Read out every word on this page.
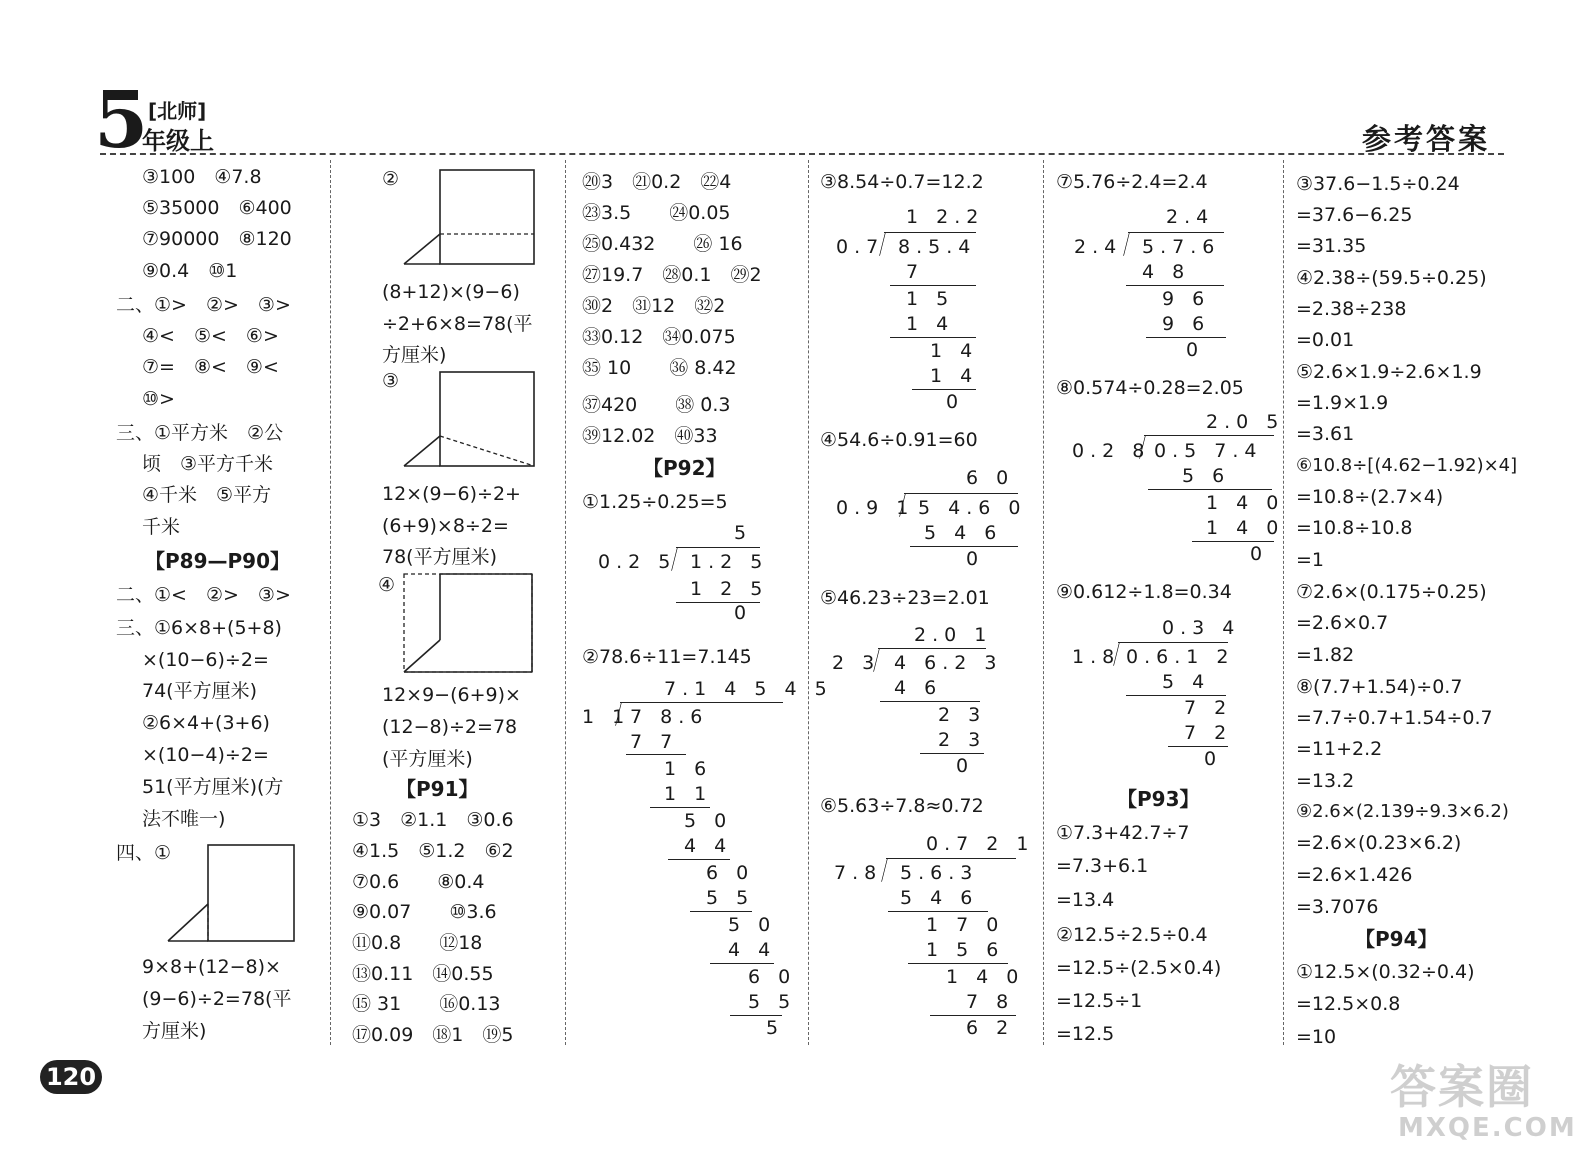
5 [北师]
年级上	参考答案
③100　④7.8
⑤35000　⑥400
⑦90000　⑧120
⑨0.4　⑩1
二、①>　②>　③>
④<　⑤<　⑥>
⑦=　⑧<　⑨<
⑩>
三、①平方米　②公
顷　③平方千米
④千米　⑤平方
千米
【P89—P90】
二、①<　②>　③>
三、①6×8+(5+8)
×(10−6)÷2=
74(平方厘米)
②6×4+(3+6)
×(10−4)÷2=
51(平方厘米)(方
法不唯一)
四、①
9×8+(12−8)×
(9−6)÷2=78(平
方厘米)
②
(8+12)×(9−6)
÷2+6×8=78(平
方厘米)
③
12×(9−6)÷2+
(6+9)×8÷2=
78(平方厘米)
④
12×9−(6+9)×
(12−8)÷2=78
(平方厘米)
【P91】
①3　②1.1　③0.6
④1.5　⑤1.2　⑥2
⑦0.6　　⑧0.4
⑨0.07　　⑩3.6
⑪0.8　　⑫18
⑬0.11　⑭0.55
⑮ 31　　⑯0.13
⑰0.09　⑱1　⑲5
⑳3　㉑0.2　㉒4
㉓3.5　　㉔0.05
㉕0.432　　㉖ 16
㉗19.7　㉘0.1　㉙2
㉚2　㉛12　㉜2
㉝0.12　㉞0.075
㉟ 10　　㊱ 8.42
㊲420　　㊳ 0̇.3
㊴12.02　㊵33
【P92】
①1.25÷0.25=5
5
0.2 5 1.2 5
1 2 5
0
②78.6÷11=7.14̇5̇
7.1 4 5 4 5
1 1 7 8.6
7 7
1 6
1 1
5 0
4 4
6 0
5 5
5 0
4 4
6 0
5 5
5
③8.54÷0.7=12.2
1 2.2
0.7 8.5.4
7
1 5
1 4
1 4
1 4
0
④54.6÷0.91=60
6 0
0.9 1 5 4.6 0
5 4 6
0
⑤46.23÷23=2.01
2.0 1
2 3 4 6.2 3
4 6
2 3
2 3
0
⑥5.63÷7.8≈0.72
0.7 2 1
7.8 5.6.3
5 4 6
1 7 0
1 5 6
1 4 0
7 8
6 2
⑦5.76÷2.4=2.4
2.4
2.4 5.7.6
4 8
9 6
9 6
0
⑧0.574÷0.28=2.05
2.0 5
0.2 8 0.5 7.4
5 6
1 4 0
1 4 0
0
⑨0.612÷1.8=0.34
0.3 4
1.8 0.6.1 2
5 4
7 2
7 2
0
【P93】
①7.3+42.7÷7
=7.3+6.1
=13.4
②12.5÷2.5÷0.4
=12.5÷(2.5×0.4)
=12.5÷1
=12.5
③37.6−1.5÷0.24
=37.6−6.25
=31.35
④2.38÷(59.5÷0.25)
=2.38÷238
=0.01
⑤2.6×1.9÷2.6×1.9
=1.9×1.9
=3.61
⑥10.8÷[(4.62−1.92)×4]
=10.8÷(2.7×4)
=10.8÷10.8
=1
⑦2.6×(0.175÷0.25)
=2.6×0.7
=1.82
⑧(7.7+1.54)÷0.7
=7.7÷0.7+1.54÷0.7
=11+2.2
=13.2
⑨2.6×(2.139÷9.3×6.2)
=2.6×(0.23×6.2)
=2.6×1.426
=3.7076
【P94】
①12.5×(0.32÷0.4)
=12.5×0.8
=10
120	答案圈
MXQE.COM
